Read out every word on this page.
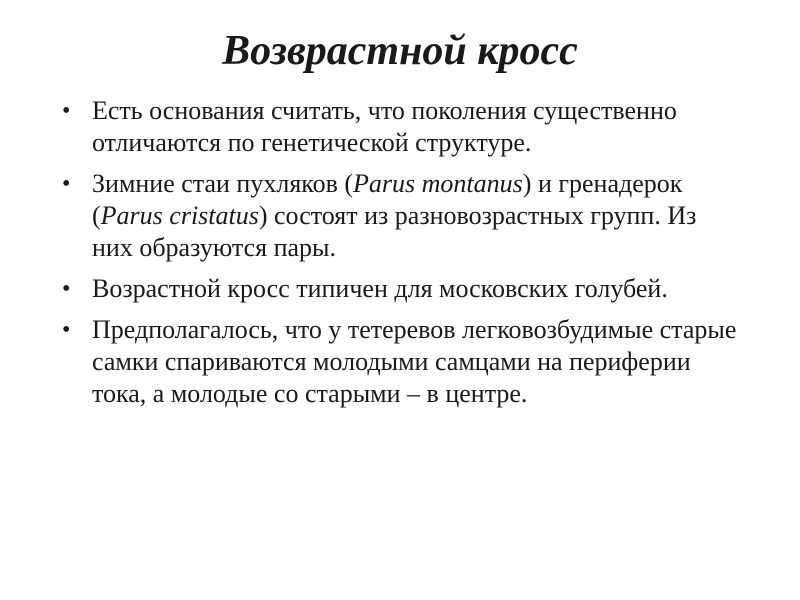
Возврастной кросс
• Есть основания считать, что поколения существенно отличаются по генетической структуре.
• Зимние стаи пухляков (Parus montanus) и гренадерок (Parus cristatus) состоят из разновозрастных групп. Из них образуются пары.
• Возрастной кросс типичен для московских голубей.
• Предполагалось, что у тетеревов легковозбудимые старые самки спариваются молодыми самцами на периферии тока, а молодые со старыми – в центре.
